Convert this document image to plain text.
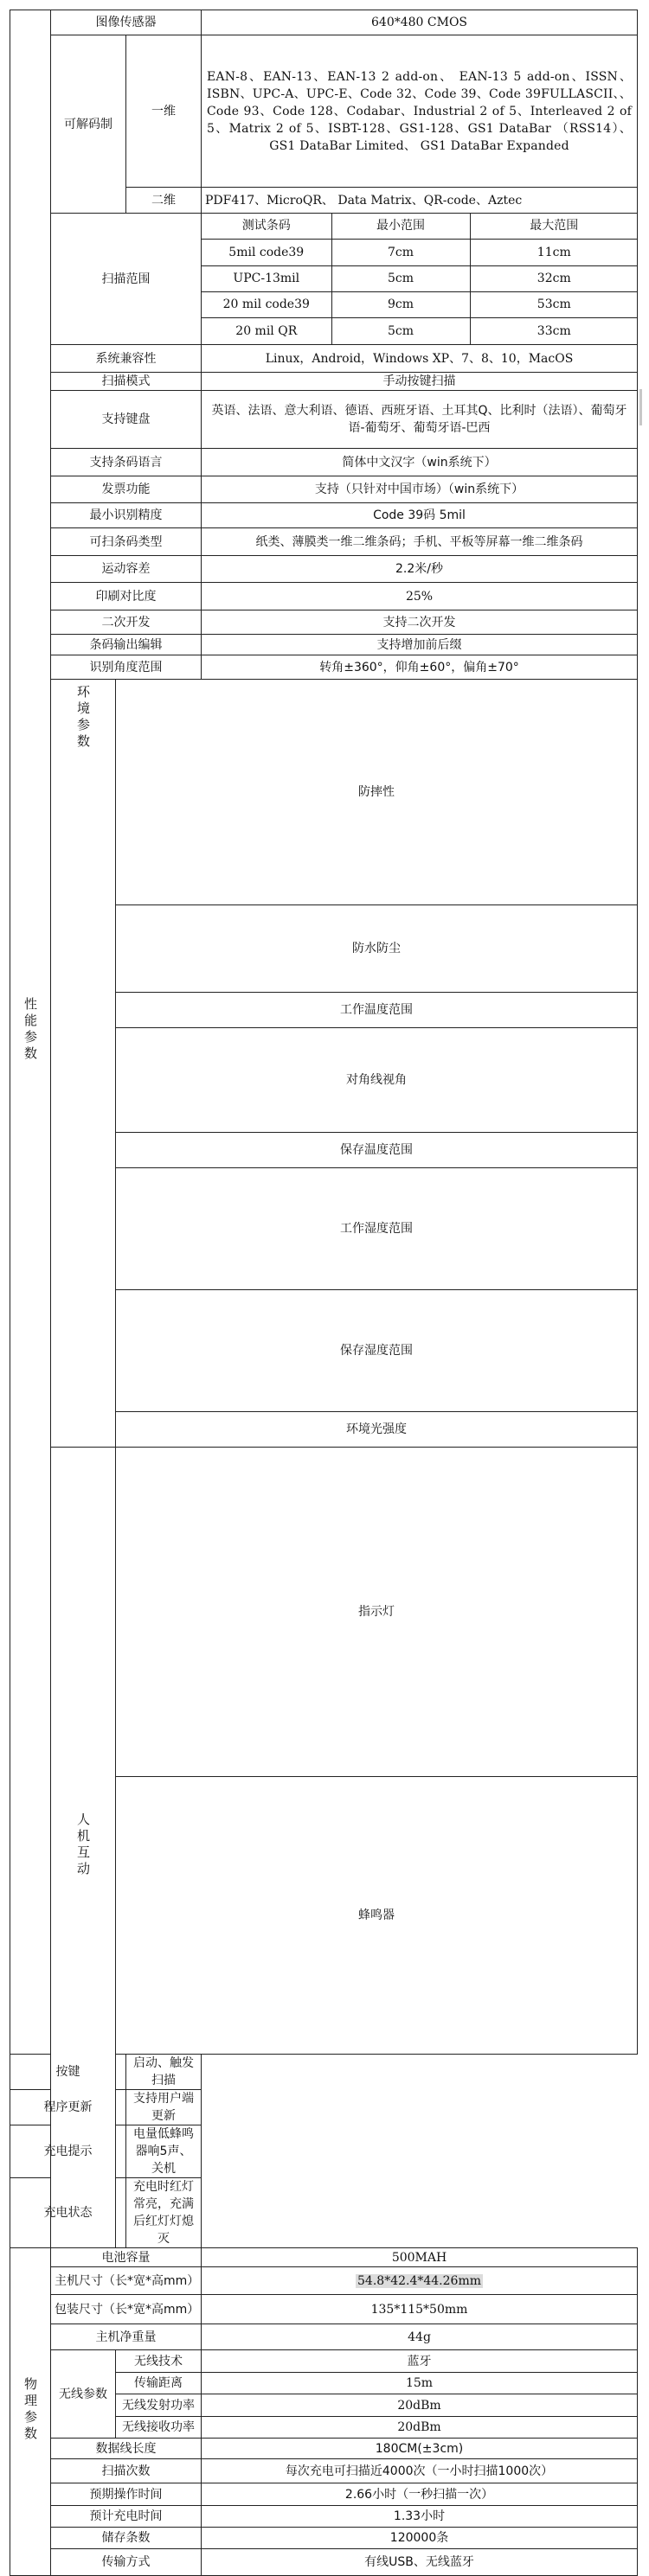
性能参数	图像传感器	640*480 CMOS
可解码制	一维	EAN-8、EAN-13、EAN-13 2 add-on、 EAN-13 5 add-on、ISSN、ISBN、UPC-A、UPC-E、Code 32、Code 39、Code 39FULLASCII、、Code 93、Code 128、Codabar、Industrial 2 of 5、Interleaved 2 of 5、Matrix 2 of 5、ISBT-128、GS1-128、GS1 DataBar （RSS14）、 GS1 DataBar Limited、 GS1 DataBar Expanded
二维	PDF417、MicroQR、 Data Matrix、QR-code、Aztec
扫描范围	
测试条码	最小范围	最大范围
5mil code39	7cm	11cm
UPC-13mil	5cm	32cm
20 mil code39	9cm	53cm
20 mil QR	5cm	33cm

系统兼容性	Linux，Android，Windows XP、7、8、10，MacOS
扫描模式	手动按键扫描
支持键盘	英语、法语、意大利语、德语、西班牙语、土耳其Q、比利时（法语）、葡萄牙语-葡萄牙、葡萄牙语-巴西
支持条码语言	简体中文汉字（win系统下）
发票功能	支持（只针对中国市场）（win系统下）
最小识别精度	Code 39码 5mil
可扫条码类型	纸类、薄膜类一维二维条码；手机、平板等屏幕一维二维条码
运动容差	2.2米/秒
印刷对比度	25%
二次开发	支持二次开发
条码输出编辑	支持增加前后缀
识别角度范围	转角±360°，仰角±60°，偏角±70°
环境参数	防摔性	
防水防尘	
工作温度范围	
对角线视角	
保存温度范围	
工作湿度范围	
保存湿度范围	
环境光强度	
人机互动	指示灯	
蜂鸣器	
按键	启动、触发扫描
程序更新	支持用户端更新
充电提示	电量低蜂鸣器响5声、关机
充电状态	充电时红灯常亮，充满后红灯灯熄灭
物理参数	电池容量	500MAH
主机尺寸（长*宽*高mm）	54.8*42.4*44.26mm
包装尺寸（长*宽*高mm）	135*115*50mm
主机净重量	44g
无线参数	无线技术	蓝牙
传输距离	15m
无线发射功率	20dBm
无线接收功率	20dBm
数据线长度	180CM(±3cm)
扫描次数	每次充电可扫描近4000次（一小时扫描1000次）
预期操作时间	2.66小时（一秒扫描一次）
预计充电时间	1.33小时
储存条数	120000条
传输方式	有线USB、无线蓝牙
